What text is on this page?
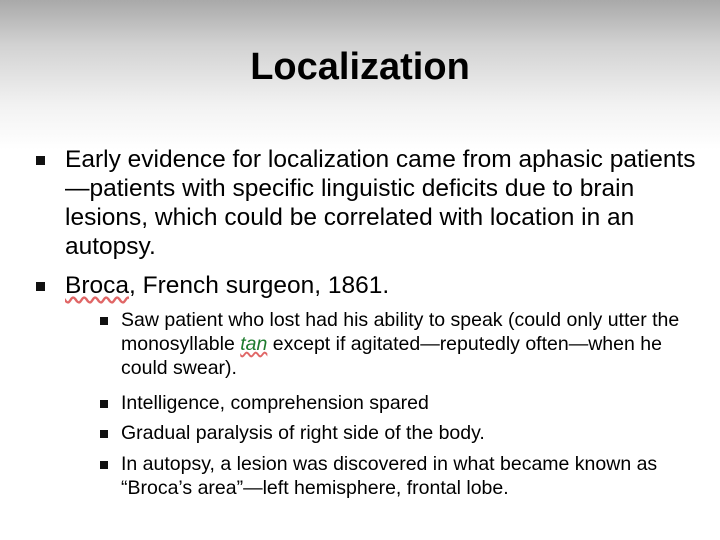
Localization
Early evidence for localization came from aphasic patients—patients with specific linguistic deficits due to brain lesions, which could be correlated with location in an autopsy.
Broca, French surgeon, 1861.
Saw patient who lost had his ability to speak (could only utter the monosyllable tan except if agitated—reputedly often—when he could swear).
Intelligence, comprehension spared
Gradual paralysis of right side of the body.
In autopsy, a lesion was discovered in what became known as “Broca’s area”—left hemisphere, frontal lobe.
